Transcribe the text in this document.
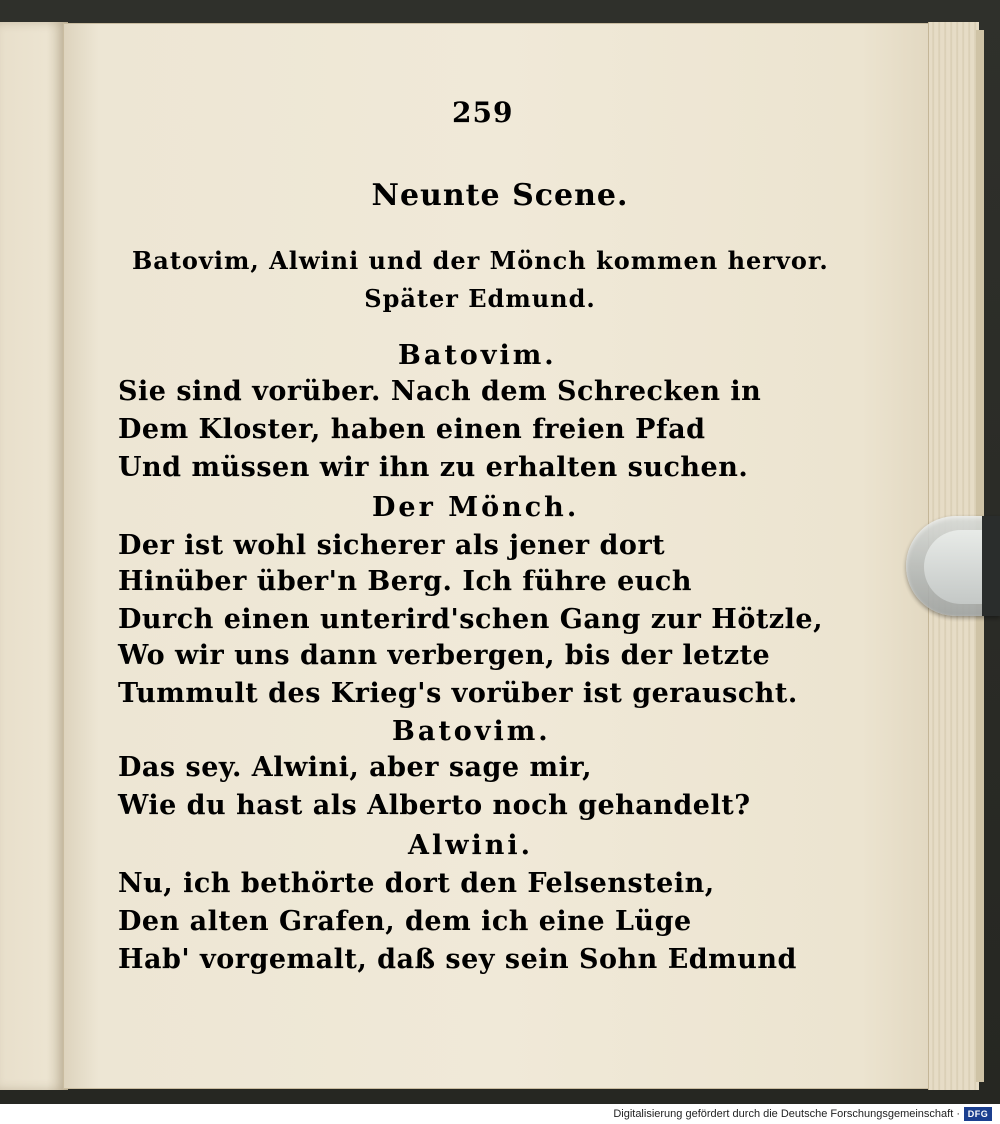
259
Neunte Scene.
Batovim, Alwini und der Mönch kommen hervor.
Später Edmund.
Batovim.
Sie sind vorüber. Nach dem Schrecken in
Dem Kloster, haben einen freien Pfad
Und müssen wir ihn zu erhalten suchen.
Der Mönch.
Der ist wohl sicherer als jener dort
Hinüber über'n Berg. Ich führe euch
Durch einen unterird'schen Gang zur Hötzle,
Wo wir uns dann verbergen, bis der letzte
Tummult des Krieg's vorüber ist gerauscht.
Batovim.
Das sey. Alwini, aber sage mir,
Wie du hast als Alberto noch gehandelt?
Alwini.
Nu, ich bethörte dort den Felsenstein,
Den alten Grafen, dem ich eine Lüge
Hab' vorgemalt, daß sey sein Sohn Edmund
Digitalisierung gefördert durch die Deutsche Forschungsgemeinschaft · DFG
